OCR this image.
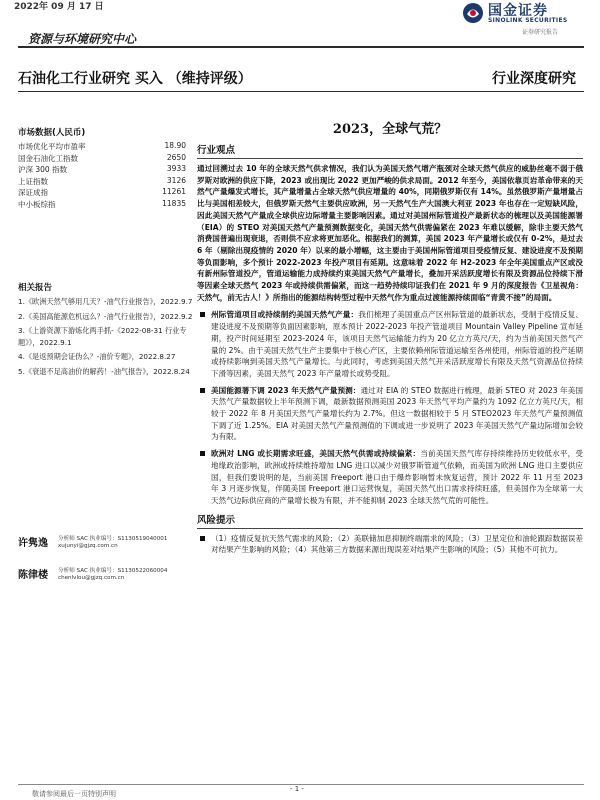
2022年 09 月 17 日	国金证券
SINOLINK SECURITIES
证券研究报告
资源与环境研究中心
石油化工行业研究 买入 （维持评级）	行业深度研究
市场数据(人民币)
市场优化平均市盈率	18.90
国金石油化工指数	2650
沪深 300 指数	3933
上证指数	3126
深证成指	11261
中小板综指	11835
相关报告
1.《欧洲天然气够用几天？-油气行业报告》，2022.9.7
2.《美国高能源危机远么？-油气行业报告》，2022.9.2
3.《上游资源下游炼化两手抓-《2022-08-31 行业专题》》，2022.9.1
4.《是返预期会证伪么？-油价专题》，2022.8.27
5.《衰退不足高油价的解药！-油气报告》，2022.8.24
许隽逸 分析师 SAC 执业编号：S1130519040001
xujunyi@gjzq.com.cn
陈律楼 分析师 SAC 执业编号：S1130522060004
chenlvlou@gjzq.com.cn
2023，全球气荒？
行业观点

通过回溯过去 10 年的全球天然气供求情况，我们认为美国天然气增产瓶颈对全球天然气供应的威胁丝毫不弱于俄罗斯对欧洲的供应下降，2023 或出现比 2022 更加严峻的供求局面。2012 年至今，美国依靠页岩革命带来的天然气产量爆发式增长，其产量增量占全球天然气供应增量的 40%，同期俄罗斯仅有 14%。虽然俄罗斯产量增量占比与美国相差较大，但俄罗斯天然气主要供应欧洲，另一天然气生产大国澳大利亚 2023 年也存在一定短缺风险，因此美国天然气产量成全球供应边际增量主要影响因素。通过对美国州际管道投产最新状态的梳理以及美国能源署（EIA）的 STEO 对美国天然气产量预测数据变化，美国天然气供需偏紧在 2023 年难以缓解，除非主要天然气消费国普遍出现衰退，否则供不应求将更加恶化。根据我们的测算，美国 2023 年产量增长或仅有 0-2%，是过去 6 年（剔除出现疫情的 2020 年）以来的最小增幅，这主要由于美国州际管道项目受疫情反复、建设进度不及预期等负面影响，多个预计 2022-2023 年投产项目有延期。这意味着 2022 年 H2-2023 年全年美国重点产区或没有新州际管道投产，管道运输能力成持续约束美国天然气产量增长，叠加开采活跃度增长有限及资源品位持续下滑等因素全球天然气 2023 年或持续供需偏紧，而这一趋势持续印证我们在 2021 年 9 月的深度报告《卫星视角：天然气，前无古人！》所指出的能源结构转型过程中天然气作为重点过渡能源持续面临“青黄不接”的局面。

州际管道项目或持续制约美国天然气产量：我们梳理了美国重点产区州际管道的最新状态，受制于疫情反复、建设进度不及预期等负面因素影响，原本预计 2022-2023 年投产管道项目 Mountain Valley Pipeline 宣布延期，投产时间延期至 2023-2024 年，该项目天然气运输能力约为 20 亿立方英尺/天，约为当前美国天然气产量的 2%。由于美国天然气生产主要集中于核心产区，主要依赖州际管道运输至各州使用，州际管道的投产延期或持续影响到美国天然气产量增长。与此同时，考虑到美国天然气开采活跃度增长有限及天然气资源品位持续下滑等因素，美国天然气 2023 年产量增长或势受阻。
美国能源署下调 2023 年天然气产量预测：通过对 EIA 的 STEO 数据进行梳理，最新 STEO 对 2023 年美国天然气产量数据较上半年预测下调，最新数据预测美国 2023 年天然气平均产量约为 1092 亿立方英尺/天，相较于 2022 年 8 月美国天然气产量增长约为 2.7%。但这一数据相较于 5 月 STEO2023 年天然气产量预测值下调了近 1.25%。EIA 对美国天然气产量预测值的下调或进一步说明了 2023 年美国天然气产量边际增加会较为有限。
欧洲对 LNG 或长期需求旺盛，美国天然气供需或持续偏紧：当前美国天然气库存持续维持历史较低水平，受地缘政治影响，欧洲或持续维持增加 LNG 进口以减少对俄罗斯管道气依赖，而美国为欧洲 LNG 进口主要供应国，但我们要说明的是，当前美国 Freeport 港口由于爆炸影响暂未恢复运营，预计 2022 年 11 月至 2023 年 3 月逐步恢复，伴随美国 Freeport 港口运营恢复，美国天然气出口需求持续旺盛，但美国作为全球第一大天然气边际供应商的产量增长极为有限，并不能抑制 2023 全球天然气荒的可能性。
风险提示
（1）疫情反复抗天然气需求的风险；（2）美联储加息抑制终端需求的风险；（3）卫星定位和油轮跟踪数据误差对结果产生影响的风险；（4）其他第三方数据来源出现误差对结果产生影响的风险；（5）其他不可抗力。
- 1 -
敬请参阅最后一页特别声明
